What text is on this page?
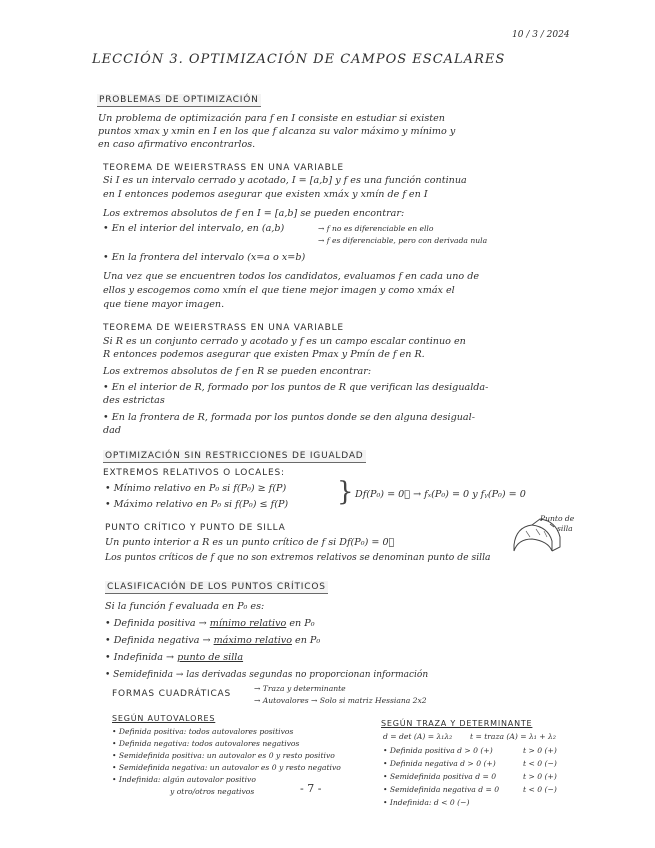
10 / 3 / 2024
LECCIÓN 3. OPTIMIZACIÓN DE CAMPOS ESCALARES
PROBLEMAS DE OPTIMIZACIÓN
Un problema de optimización para f en I consiste en estudiar si existen
puntos xmax y xmin en I en los que f alcanza su valor máximo y mínimo y
en caso afirmativo encontrarlos.
TEOREMA DE WEIERSTRASS EN UNA VARIABLE
Si I es un intervalo cerrado y acotado, I = [a,b] y f es una función continua
en I entonces podemos asegurar que existen xmáx y xmín de f en I
Los extremos absolutos de f en I = [a,b] se pueden encontrar:
• En el interior del intervalo, en (a,b)	→ f no es diferenciable en ello
→ f es diferenciable, pero con derivada nula
• En la frontera del intervalo (x=a o x=b)
Una vez que se encuentren todos los candidatos, evaluamos f en cada uno de
ellos y escogemos como xmín el que tiene mejor imagen y como xmáx el
que tiene mayor imagen.
TEOREMA DE WEIERSTRASS EN UNA VARIABLE
Si R es un conjunto cerrado y acotado y f es un campo escalar continuo en
R entonces podemos asegurar que existen Pmax y Pmín de f en R.
Los extremos absolutos de f en R se pueden encontrar:
• En el interior de R, formado por los puntos de R que verifican las desigualda-
des estrictas
• En la frontera de R, formada por los puntos donde se den alguna desigual-
dad
OPTIMIZACIÓN SIN RESTRICCIONES DE IGUALDAD
EXTREMOS RELATIVOS O LOCALES:
• Mínimo relativo en P₀ si f(P₀) ≥ f(P)
• Máximo relativo en P₀ si f(P₀) ≤ f(P) } Df(P₀) = 0⃗ → fₓ(P₀) = 0 y fᵧ(P₀) = 0
PUNTO CRÍTICO Y PUNTO DE SILLA
Un punto interior a R es un punto crítico de f si Df(P₀) = 0⃗
Los puntos críticos de f que no son extremos relativos se denominan punto de silla
Punto de
silla
CLASIFICACIÓN DE LOS PUNTOS CRÍTICOS
Si la función f evaluada en P₀ es:
• Definida positiva → mínimo relativo en P₀
• Definida negativa → máximo relativo en P₀
• Indefinida → punto de silla
• Semidefinida → las derivadas segundas no proporcionan información
FORMAS CUADRÁTICAS
→ Traza y determinante
→ Autovalores → Solo si matriz Hessiana 2x2
SEGÚN AUTOVALORES
• Definida positiva: todos autovalores positivos
• Definida negativa: todos autovalores negativos
• Semidefinida positiva: un autovalor es 0 y resto positivo
• Semidefinida negativa: un autovalor es 0 y resto negativo
• Indefinida: algún autovalor positivo
y otro/otros negativos
SEGÚN TRAZA Y DETERMINANTE
d = det (A) = λ₁λ₂ t = traza (A) = λ₁ + λ₂
• Definida positiva d > 0 (+)	t > 0 (+)
• Definida negativa d > 0 (+)	t < 0 (−)
• Semidefinida positiva d = 0	t > 0 (+)
• Semidefinida negativa d = 0	t < 0 (−)
• Indefinida: d < 0 (−)
- 7 -
